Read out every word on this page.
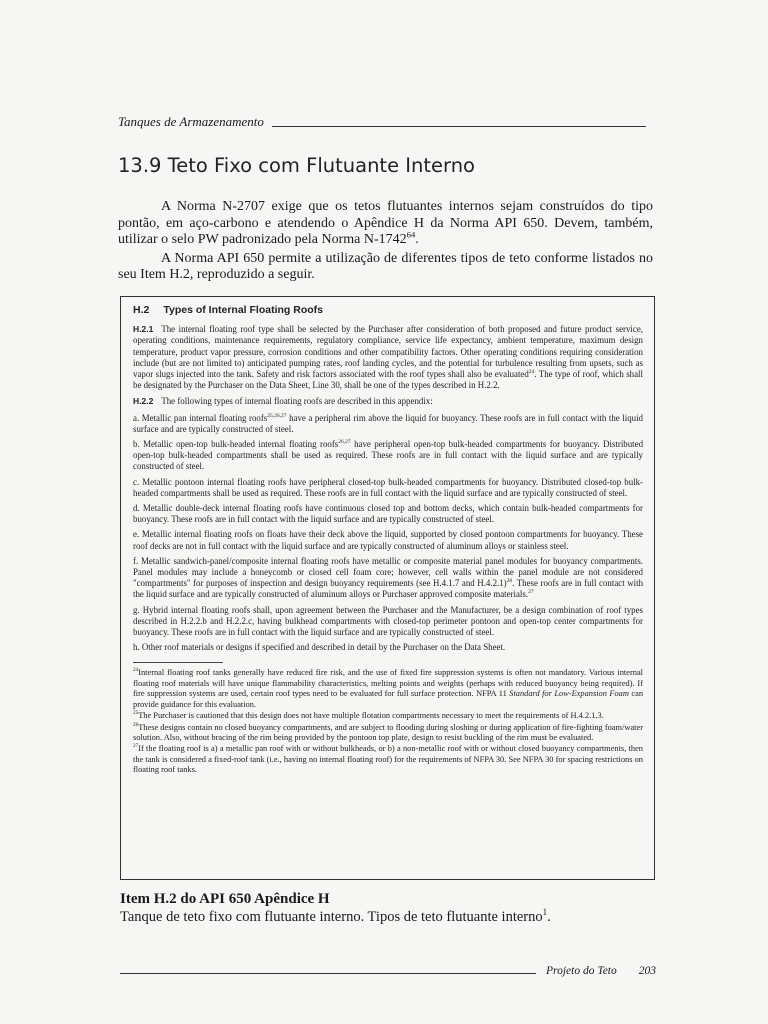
Tanques de Armazenamento
13.9 Teto Fixo com Flutuante Interno

A Norma N-2707 exige que os tetos flutuantes internos sejam construídos do tipo pontão, em aço-carbono e atendendo o Apêndice H da Norma API 650. Devem, também, utilizar o selo PW padronizado pela Norma N-1742$^{64}$.

A Norma API 650 permite a utilização de diferentes tipos de teto conforme listados no seu Item H.2, reproduzido a seguir.

H.2 Types of Internal Floating Roofs

H.2.1 The internal floating roof type shall be selected by the Purchaser after consideration of both proposed and future product service, operating conditions, maintenance requirements, regulatory compliance, service life expectancy, ambient temperature, maximum design temperature, product vapor pressure, corrosion conditions and other compatibility factors. Other operating conditions requiring consideration include (but are not limited to) anticipated pumping rates, roof landing cycles, and the potential for turbulence resulting from upsets, such as vapor slugs injected into the tank. Safety and risk factors associated with the roof types shall also be evaluated$^{24}$. The type of roof, which shall be designated by the Purchaser on the Data Sheet, Line 30, shall be one of the types described in H.2.2.

H.2.2 The following types of internal floating roofs are described in this appendix:

a. Metallic pan internal floating roofs$^{25,26,27}$ have a peripheral rim above the liquid for buoyancy. These roofs are in full contact with the liquid surface and are typically constructed of steel.

b. Metallic open-top bulk-headed internal floating roofs$^{26,27}$ have peripheral open-top bulk-headed compartments for buoyancy. Distributed open-top bulk-headed compartments shall be used as required. These roofs are in full contact with the liquid surface and are typically constructed of steel.

c. Metallic pontoon internal floating roofs have peripheral closed-top bulk-headed compartments for buoyancy. Distributed closed-top bulk-headed compartments shall be used as required. These roofs are in full contact with the liquid surface and are typically constructed of steel.

d. Metallic double-deck internal floating roofs have continuous closed top and bottom decks, which contain bulk-headed compartments for buoyancy. These roofs are in full contact with the liquid surface and are typically constructed of steel.

e. Metallic internal floating roofs on floats have their deck above the liquid, supported by closed pontoon compartments for buoyancy. These roof decks are not in full contact with the liquid surface and are typically constructed of aluminum alloys or stainless steel.

f. Metallic sandwich-panel/composite internal floating roofs have metallic or composite material panel modules for buoyancy compartments. Panel modules may include a honeycomb or closed cell foam core; however, cell walls within the panel module are not considered "compartments" for purposes of inspection and design buoyancy requirements (see H.4.1.7 and H.4.2.1)$^{28}$. These roofs are in full contact with the liquid surface and are typically constructed of aluminum alloys or Purchaser approved composite materials.$^{27}$

g. Hybrid internal floating roofs shall, upon agreement between the Purchaser and the Manufacturer, be a design combination of roof types described in H.2.2.b and H.2.2.c, having bulkhead compartments with closed-top perimeter pontoon and open-top center compartments for buoyancy. These roofs are in full contact with the liquid surface and are typically constructed of steel.

h. Other roof materials or designs if specified and described in detail by the Purchaser on the Data Sheet.

$^{24}$Internal floating roof tanks generally have reduced fire risk, and the use of fixed fire suppression systems is often not mandatory. Various internal floating roof materials will have unique flammability characteristics, melting points and weights (perhaps with reduced buoyancy being required). If fire suppression systems are used, certain roof types need to be evaluated for full surface protection. NFPA 11 Standard for Low-Expansion Foam can provide guidance for this evaluation.

$^{25}$The Purchaser is cautioned that this design does not have multiple flotation compartments necessary to meet the requirements of H.4.2.1.3.

$^{26}$These designs contain no closed buoyancy compartments, and are subject to flooding during sloshing or during application of fire-fighting foam/water solution. Also, without bracing of the rim being provided by the pontoon top plate, design to resist buckling of the rim must be evaluated.

$^{27}$If the floating roof is a) a metallic pan roof with or without bulkheads, or b) a non-metallic roof with or without closed buoyancy compartments, then the tank is considered a fixed-roof tank (i.e., having no internal floating roof) for the requirements of NFPA 30. See NFPA 30 for spacing restrictions on floating roof tanks.

Item H.2 do API 650 Apêndice H

Tanque de teto fixo com flutuante interno. Tipos de teto flutuante interno$^1$.

Projeto do Teto 203
